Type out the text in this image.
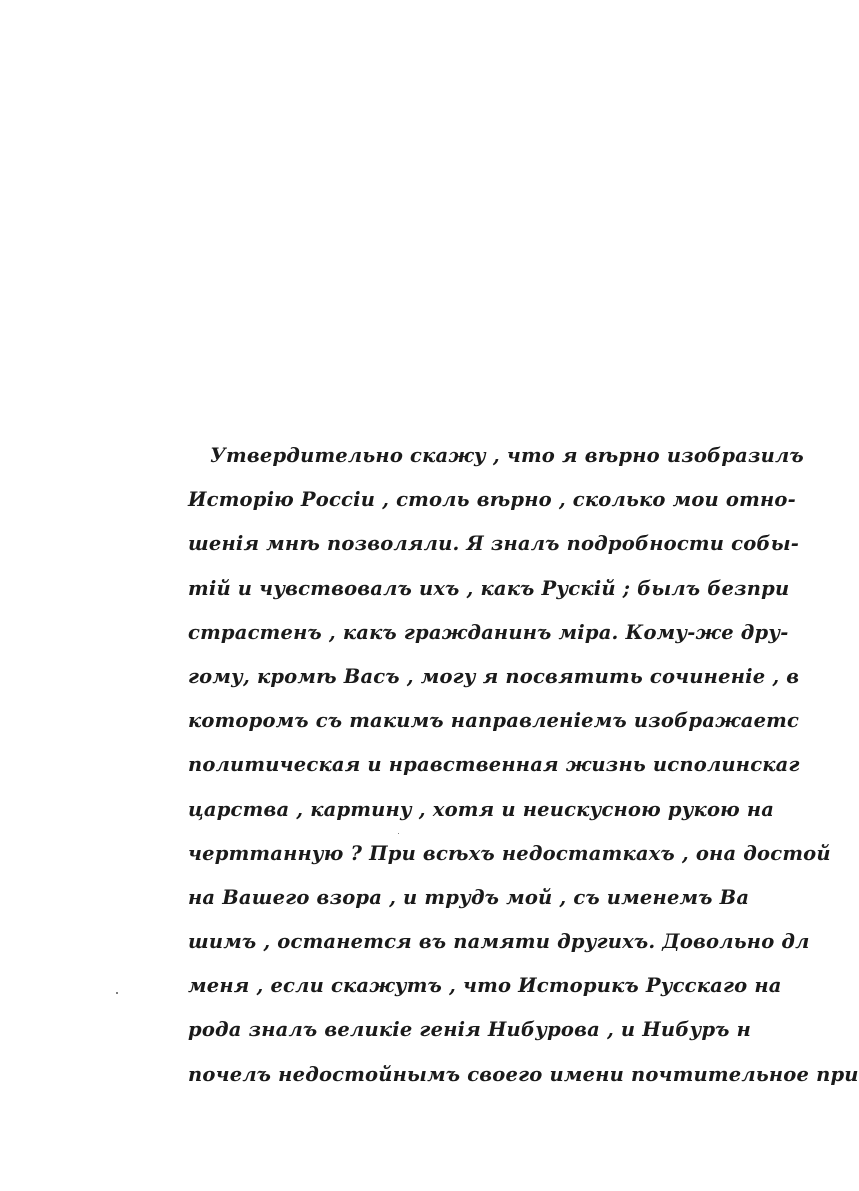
Утвердительно скажу , что я вѣрно изобразилъ
Исторію Россіи , столь вѣрно , сколько мои отно-
шенія мнѣ позволяли. Я зналъ подробности собы-
тій и чувствовалъ ихъ , какъ Рускій ; былъ безпри
страстенъ , какъ гражданинъ міра. Кому-же дру-
гому, кромѣ Васъ , могу я посвятить сочиненіе , в
которомъ съ такимъ направленіемъ изображаетс
политическая и нравственная жизнь исполинскаг
царства , картину , хотя и неискусною рукою на
черттанную ? При всѣхъ недостаткахъ , она достой
на Вашего взора , и трудъ мой , съ именемъ Ва
шимъ , останется въ памяти другихъ. Довольно дл
меня , если скажутъ , что Историкъ Русскаго на
рода зналъ великіе генія Нибурова , и Нибуръ н
почелъ недостойнымъ своего имени почтительное при
